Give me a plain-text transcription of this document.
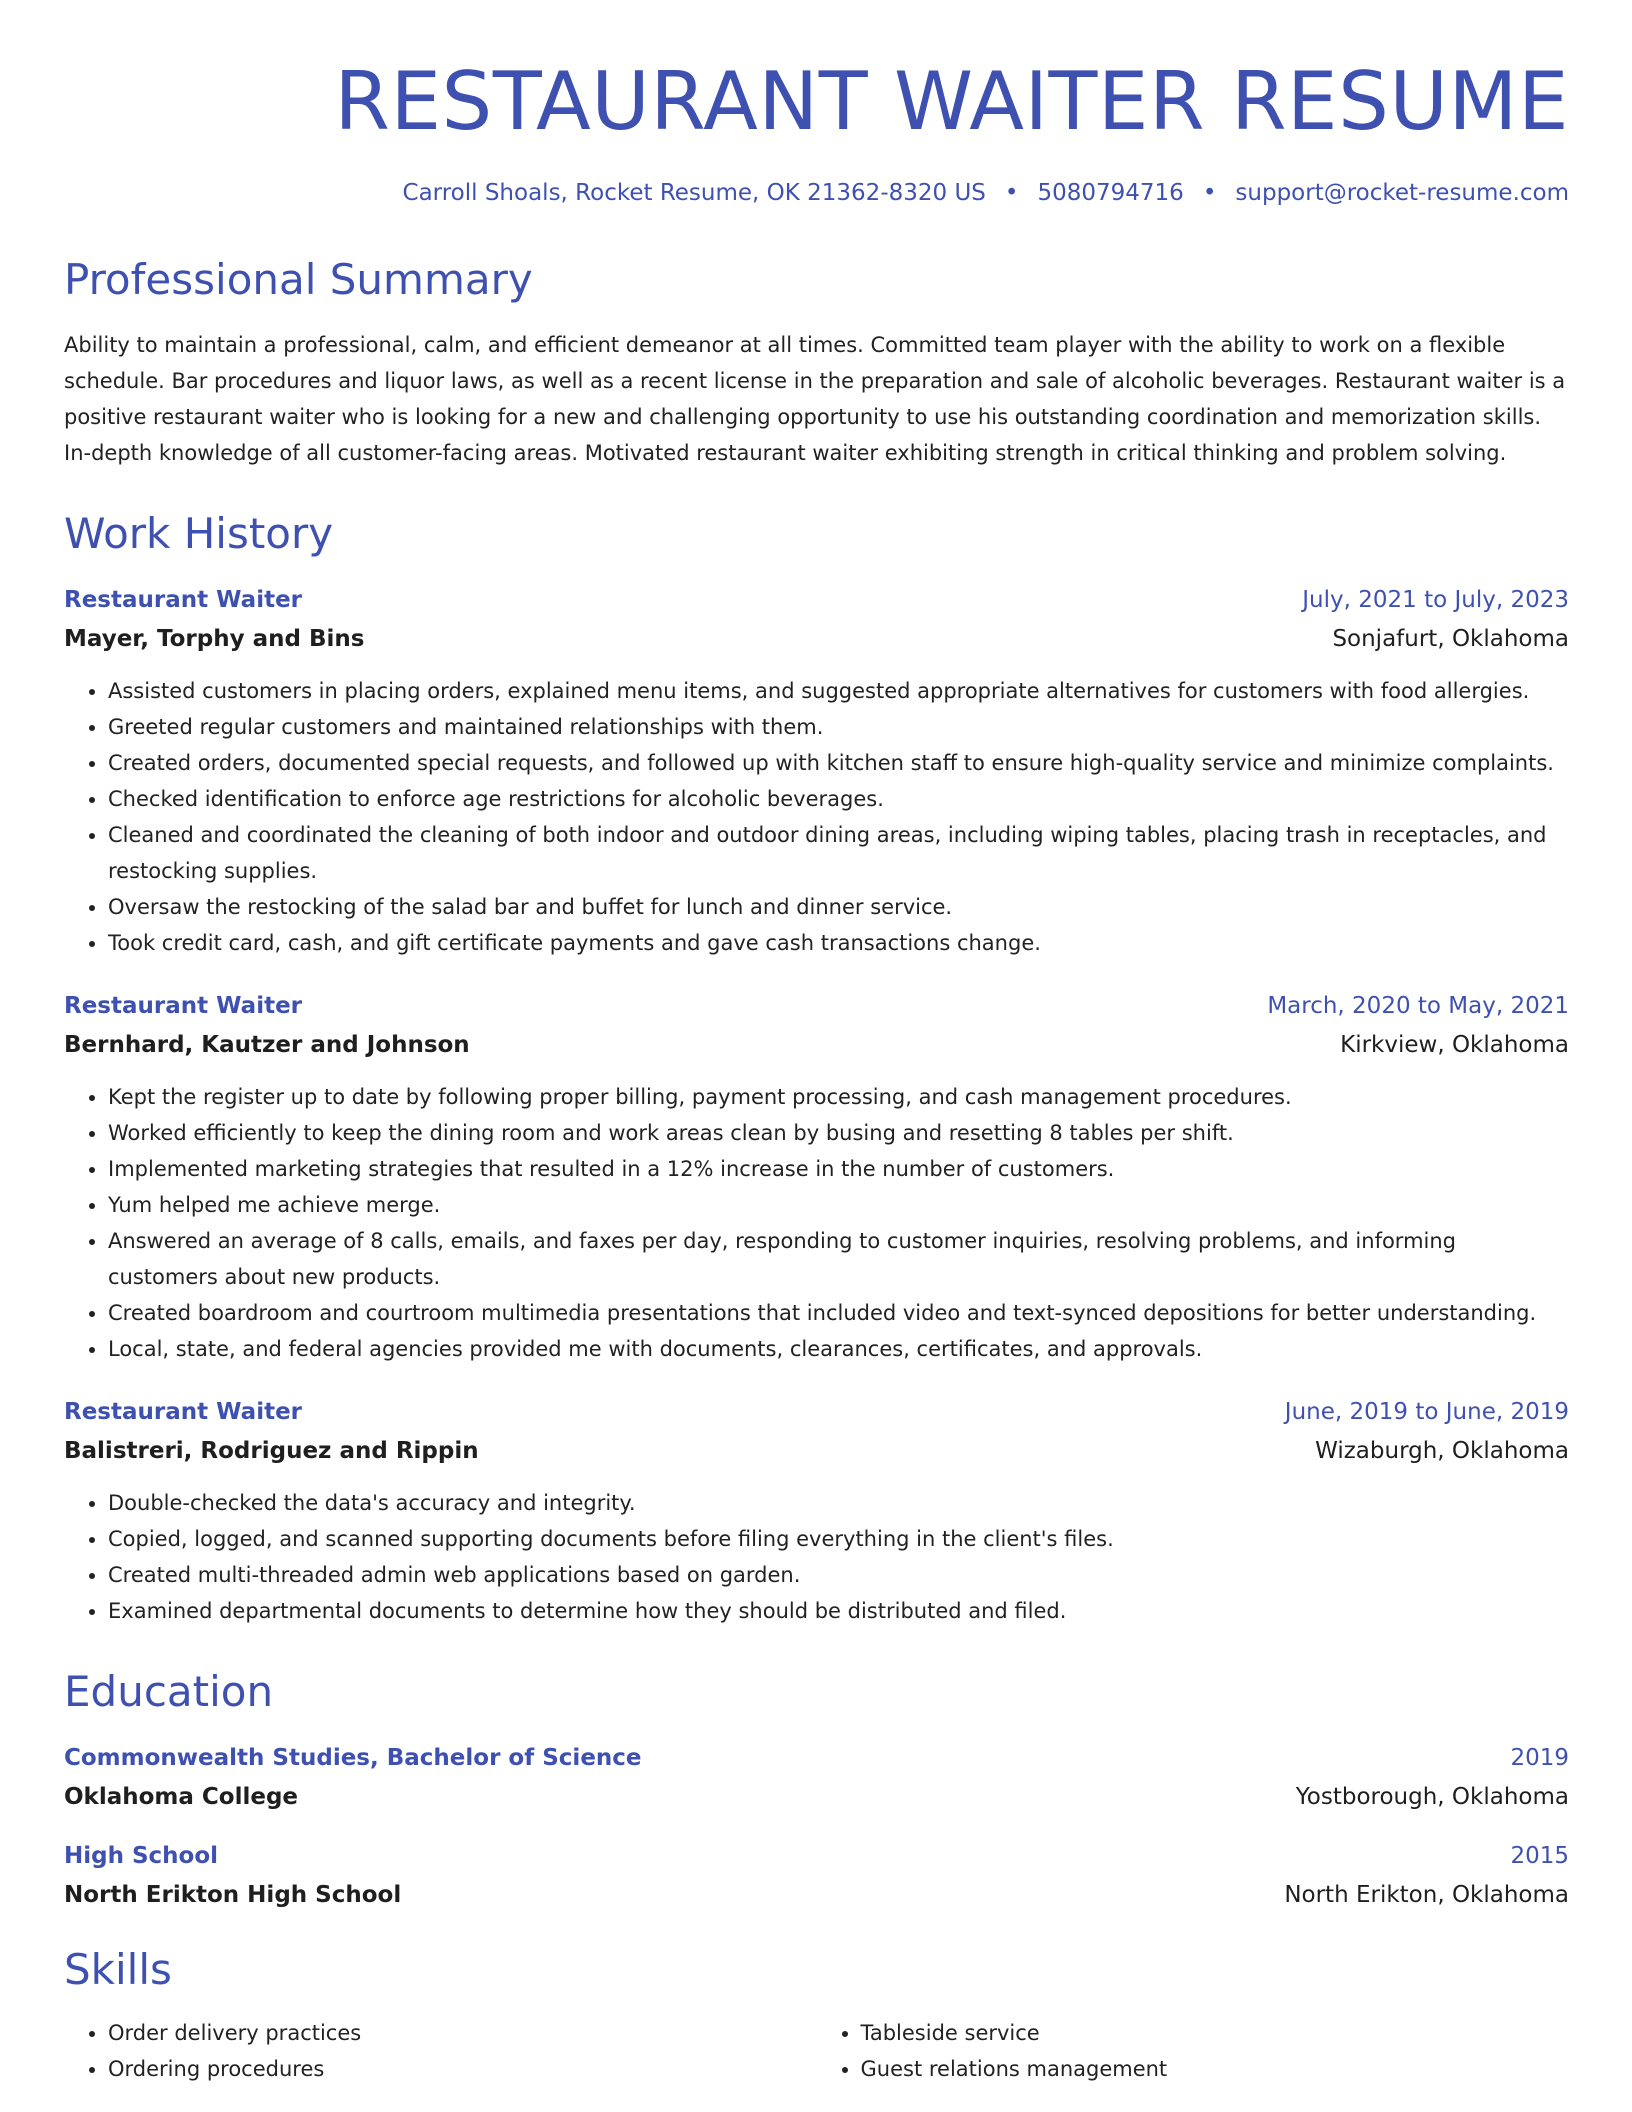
RESTAURANT WAITER RESUME
Carroll Shoals, Rocket Resume, OK 21362-8320 US • 5080794716 • support@rocket-resume.com
Professional Summary

Ability to maintain a professional, calm, and efficient demeanor at all times. Committed team player with the ability to work on a flexible schedule. Bar procedures and liquor laws, as well as a recent license in the preparation and sale of alcoholic beverages. Restaurant waiter is a positive restaurant waiter who is looking for a new and challenging opportunity to use his outstanding coordination and memorization skills. In-depth knowledge of all customer-facing areas. Motivated restaurant waiter exhibiting strength in critical thinking and problem solving.

Work History
Restaurant Waiter	July, 2021 to July, 2023
Mayer, Torphy and Bins	Sonjafurt, Oklahoma
• Assisted customers in placing orders, explained menu items, and suggested appropriate alternatives for customers with food allergies.
• Greeted regular customers and maintained relationships with them.
• Created orders, documented special requests, and followed up with kitchen staff to ensure high-quality service and minimize complaints.
• Checked identification to enforce age restrictions for alcoholic beverages.
• Cleaned and coordinated the cleaning of both indoor and outdoor dining areas, including wiping tables, placing trash in receptacles, and restocking supplies.
• Oversaw the restocking of the salad bar and buffet for lunch and dinner service.
• Took credit card, cash, and gift certificate payments and gave cash transactions change.
Restaurant Waiter	March, 2020 to May, 2021
Bernhard, Kautzer and Johnson	Kirkview, Oklahoma
• Kept the register up to date by following proper billing, payment processing, and cash management procedures.
• Worked efficiently to keep the dining room and work areas clean by busing and resetting 8 tables per shift.
• Implemented marketing strategies that resulted in a 12% increase in the number of customers.
• Yum helped me achieve merge.
• Answered an average of 8 calls, emails, and faxes per day, responding to customer inquiries, resolving problems, and informing customers about new products.
• Created boardroom and courtroom multimedia presentations that included video and text-synced depositions for better understanding.
• Local, state, and federal agencies provided me with documents, clearances, certificates, and approvals.
Restaurant Waiter	June, 2019 to June, 2019
Balistreri, Rodriguez and Rippin	Wizaburgh, Oklahoma
• Double-checked the data's accuracy and integrity.
• Copied, logged, and scanned supporting documents before filing everything in the client's files.
• Created multi-threaded admin web applications based on garden.
• Examined departmental documents to determine how they should be distributed and filed.
Education
Commonwealth Studies, Bachelor of Science	2019
Oklahoma College	Yostborough, Oklahoma
High School	2015
North Erikton High School	North Erikton, Oklahoma
Skills
• Order delivery practices
• Ordering procedures
• Tableside service
• Guest relations management
